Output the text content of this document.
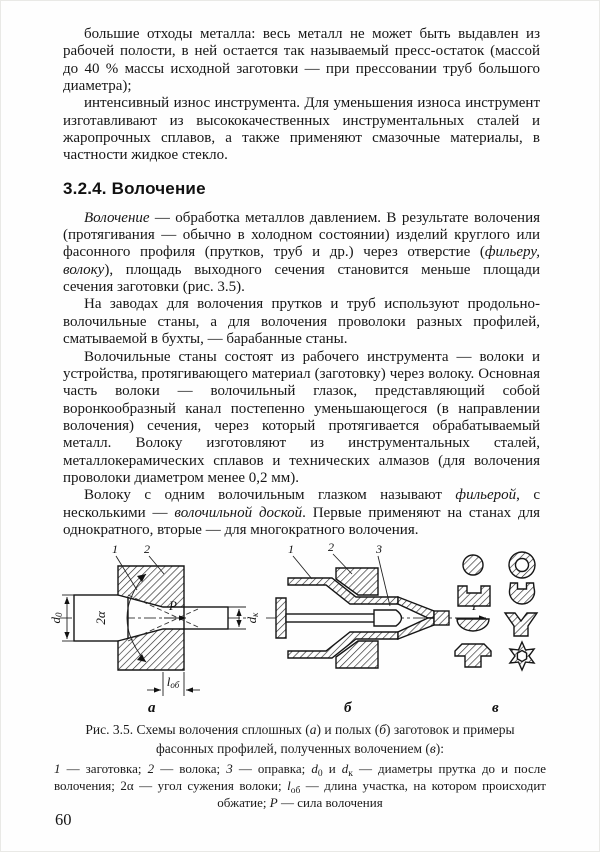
большие отходы металла: весь металл не может быть выдавлен из рабочей полости, в ней остается так называемый пресс-остаток (массой до 40 % массы исходной заготовки — при прессовании труб большого диаметра);

интенсивный износ инструмента. Для уменьшения износа инструмент изготавливают из высококачественных инструментальных сталей и жаропрочных сплавов, а также применяют смазочные материалы, в частности жидкое стекло.

3.2.4. Волочение

Волочение — обработка металлов давлением. В результате волочения (протягивания — обычно в холодном состоянии) изделий круглого или фасонного профиля (прутков, труб и др.) через отверстие (фильеру, волоку), площадь выходного сечения становится меньше площади сечения заготовки (рис. 3.5).

На заводах для волочения прутков и труб используют продольно-волочильные станы, а для волочения проволоки разных профилей, сматываемой в бухты, — барабанные станы.

Волочильные станы состоят из рабочего инструмента — волоки и устройства, протягивающего материал (заготовку) через волоку. Основная часть волоки — волочильный глазок, представляющий собой воронкообразный канал постепенно уменьшающегося (в направлении волочения) сечения, через который протягивается обрабатываемый металл. Волоку изготовляют из инструментальных сталей, металлокерамических сплавов и технических алмазов (для волочения проволоки диаметром менее 0,2 мм).

Волоку с одним волочильным глазком называют фильерой, с несколькими — волочильной доской. Первые применяют на станах для однократного, вторые — для многократного волочения.

P
d0 2α	dк
lоб
1 2
а
1	2	3
б	в
Рис. 3.5. Схемы волочения сплошных (а) и полых (б) заготовок и примеры фасонных профилей, полученных волочением (в):
1 — заготовка; 2 — волока; 3 — оправка; $d_0$ и $d_к$ — диаметры прутка до и после волочения; 2α — угол сужения волоки; $l_{об}$ — длина участка, на котором происходит обжатие; Р — сила волочения
60
